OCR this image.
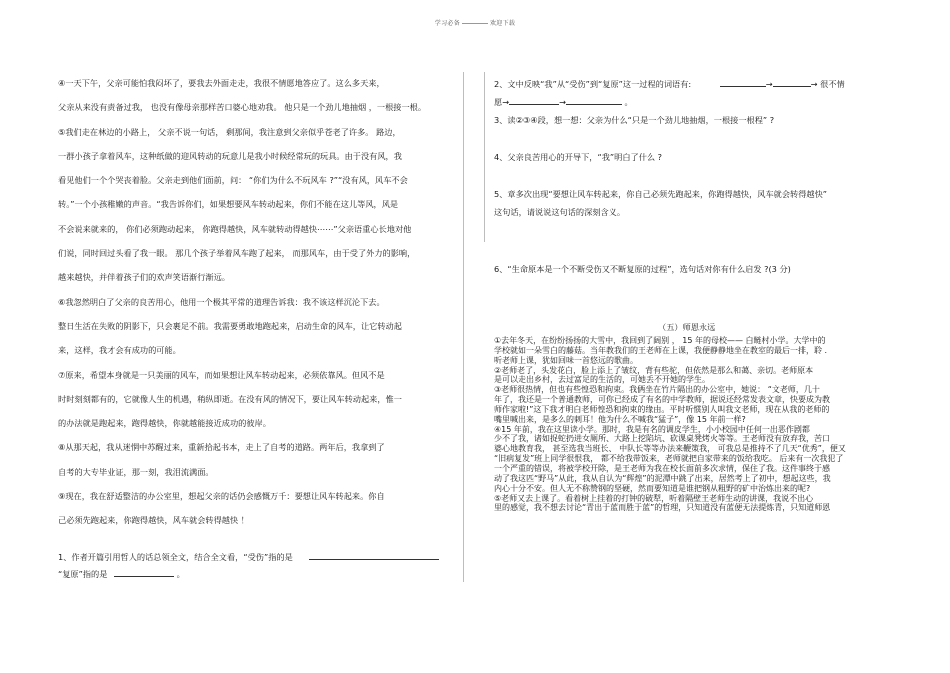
学习必备	欢迎下载
④一天下午，父亲可能怕我闷坏了，要我去外面走走，我很不情愿地答应了。这么多天来，
父亲从来没有责备过我， 也没有像母亲那样苦口婆心地劝我。 他只是一个劲儿地抽烟 ，一根接一根。
⑤我们走在林边的小路上， 父亲不说一句话， 剩那间，我注意到父亲似乎苍老了许多。 路边，
一群小孩子拿着风车，这种纸做的迎风转动的玩意儿是我小时候经常玩的玩具。由于没有风，我
看见他们一个个哭丧着脸。父亲走到他们面前，问： “你们为什么不玩风车 ?”“没有风，风车不会
转。”一个小孩稚嫩的声音。“我告诉你们，如果想要风车转动起来，你们不能在这儿等风，风是
不会说来就来的， 你们必须跑动起来， 你跑得越快，风车就转动得越快⋯⋯”父亲语重心长地对他
们说，同时回过头看了我一眼。 那几个孩子举着风车跑了起来， 而那风车，由于受了外力的影响，
越来越快，并伴着孩子们的欢声笑语渐行渐远。
⑥我忽然明白了父亲的良苦用心，他用一个极其平常的道理告诉我：我不该这样沉沦下去。
整日生活在失败的阴影下，只会裹足不前。我需要勇敢地跑起来，启动生命的风车，让它转动起
来，这样，我才会有成功的可能。
⑦原来，希望本身就是一只美丽的风车，而如果想让风车转动起来，必须依靠风。但风不是
时时刻刻都有的，它就像人生的机遇，稍纵即逝。在没有风的情况下，要让风车转动起来，惟一
的办法就是跑起来，跑得越快，你就越能接近成功的彼岸。
⑧从那天起，我从迷惘中苏醒过来，重新拾起书本，走上了自考的道路。两年后，我拿到了
自考的大专毕业证，那一刻，我泪流满面。
⑨现在，我在舒适整洁的办公室里，想起父亲的话仍会感慨万千：要想让风车转起来。你自
己必须先跑起来，你跑得越快，风车就会转得越快 ！
1、作者开篇引用哲人的话总领全文，结合全文看，“受伤”指的是
“复原”指的是	。
2、文中反映“我”从“受伤”到“复原”这一过程的词语有:	→	→ 很不情
愿→	→	。
3、读②③④段，想一想：父亲为什么“只是一个劲儿地抽烟，一根接一根程” ?
4、父亲良苦用心的开导下，“我”明白了什么 ?
5、章多次出现“要想让风车转起来，你自己必须先跑起来，你跑得越快，风车就会转得越快”
这句话，请说说这句话的深刻含义。
6、“生命原本是一个不断受伤又不断复原的过程”，选句话对你有什么启发 ?(3 分)
（五）师恩永远
①去年冬天，在纷纷扬扬的大雪中，我回到了阔别 ， 15 年的母校—— 白鲢村小学。大学中的
学校就如一朵雪白的藤菇。当年教我们的王老师在上课，我便静静地坐在教室的最后一排，聆 .
听老师上课，犹如回味一首悠远的歌曲。
②老师老了，头发花白，脸上添上了皱纹，背有些驼，但依然是那么和蔼、亲切。老师原本
是可以走出乡村，去过富足的生活的，可她丢不开她的学生。
③老师很热情，但也有些惶恐和拘束。我俩坐在竹片隔出的办公室中，她说： “文老师，几十
年了，我还是一个普通教师，可你已经成了有名的中学教师，据说还经常发表文章，快要成为教
师作家啦!”这下我才明白老师惶恐和拘束的缘由。平时听惯别人叫我文老师，现在从我的老师的
嘴里喊出来，是多么的刺耳！他为什么不喊我“猛子”，像 15 年前一样?
④15 年前，我在这里读小学。那时，我是有名的调皮学生，小小校园中任何一出恶作剧都
少不了我，诸如捉蛇扔进女厕所、大路上挖陷坑、砍课桌凳烤火等等。王老师没有放弃我，苦口
婆心地教育我， 甚至选我当班长、 中队长等等办法来鞭策我， 可我总是推持不了几天“优秀”，便又
“旧病复发”班上同学很恨我， 都不给我带饭来，老师就把自家带来的饭给我吃。 后来有一次我犯了
一个严重的错误，将被学校开除，是王老师为我在校长面前多次求情，保住了我。这件事终于感
动了我这匹“野马”从此，我从自认为“辉煌”的泥潭中跳了出来，居然考上了初中，想起这些，我
内心十分不安。但人无不称赞钢的坚硬，然而要知道是谁把钢从粗野的矿中治炼出来的呢?
⑤老师又去上课了。看着树上挂着的打钟的破犁，听着隔壁王老师生动的讲课，我说不出心
里的感觉，我不想去讨论“青出于蓝而胜于蓝”的哲理，只知道没有蓝便无法提炼青，只知道师恩
